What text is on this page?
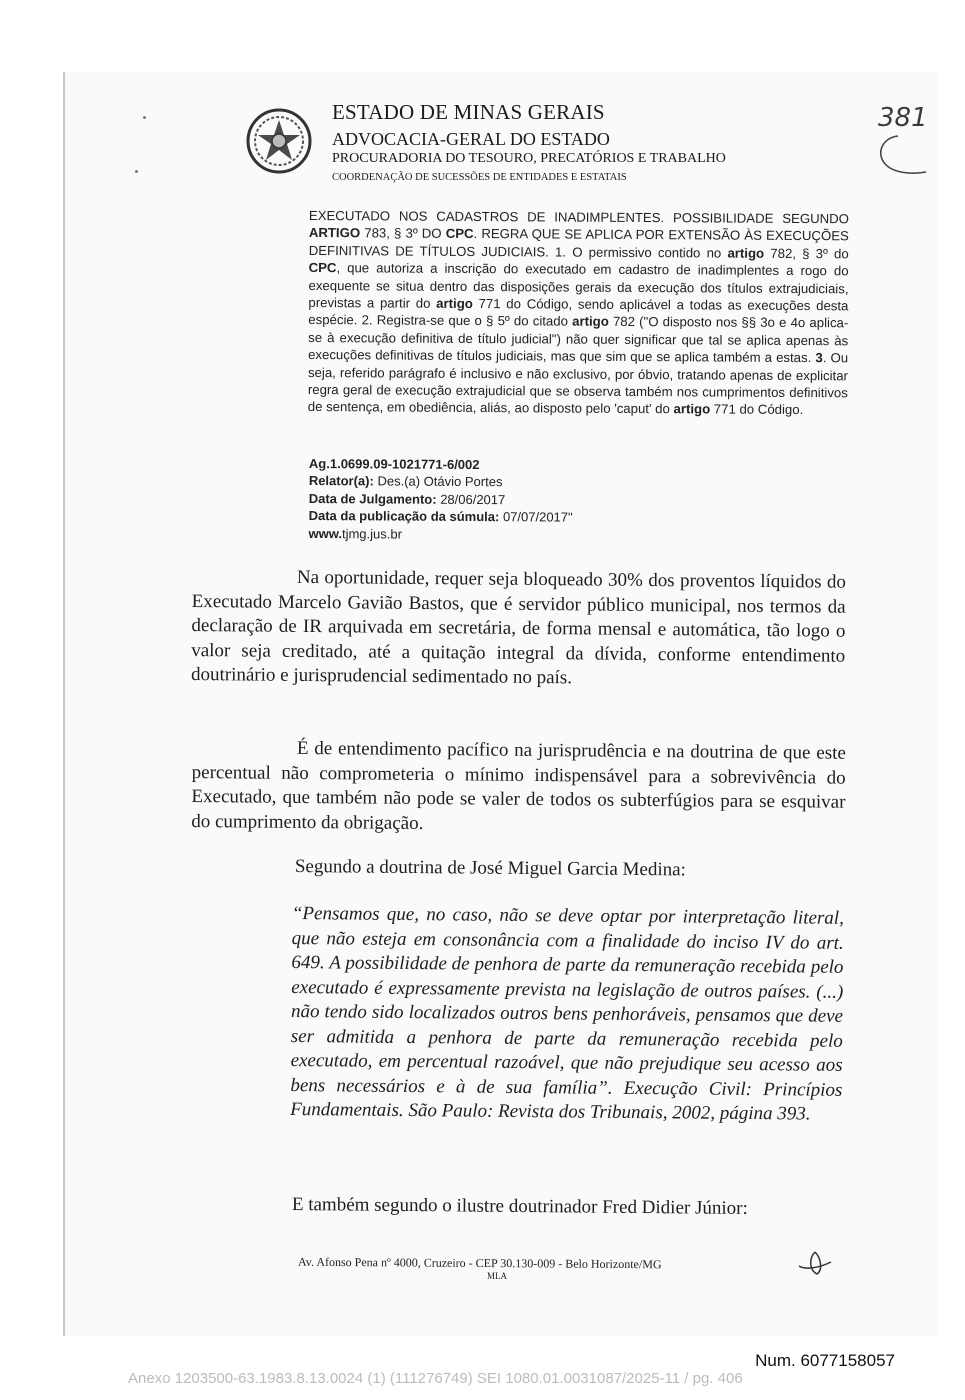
ESTADO DE MINAS GERAIS
ADVOCACIA-GERAL DO ESTADO
PROCURADORIA DO TESOURO, PRECATÓRIOS E TRABALHO
COORDENAÇÃO DE SUCESSÕES DE ENTIDADES E ESTATAIS
381

EXECUTADO NOS CADASTROS DE INADIMPLENTES. POSSIBILIDADE SEGUNDO ARTIGO 783, § 3º DO CPC. REGRA QUE SE APLICA POR EXTENSÃO ÀS EXECUÇÕES DEFINITIVAS DE TÍTULOS JUDICIAIS. 1. O permissivo contido no artigo 782, § 3º do CPC, que autoriza a inscrição do executado em cadastro de inadimplentes a rogo do exequente se situa dentro das disposições gerais da execução dos títulos extrajudiciais, previstas a partir do artigo 771 do Código, sendo aplicável a todas as execuções desta espécie. 2. Registra-se que o § 5º do citado artigo 782 ("O disposto nos §§ 3o e 4o aplica-se à execução definitiva de título judicial") não quer significar que tal se aplica apenas às execuções definitivas de títulos judiciais, mas que sim que se aplica também a estas. 3. Ou seja, referido parágrafo é inclusivo e não exclusivo, por óbvio, tratando apenas de explicitar regra geral de execução extrajudicial que se observa também nos cumprimentos definitivos de sentença, em obediência, aliás, ao disposto pelo 'caput' do artigo 771 do Código.

Ag.1.0699.09-1021771-6/002
Relator(a): Des.(a) Otávio Portes
Data de Julgamento: 28/06/2017
Data da publicação da súmula: 07/07/2017"
www.tjmg.jus.br

Na oportunidade, requer seja bloqueado 30% dos proventos líquidos do Executado Marcelo Gavião Bastos, que é servidor público municipal, nos termos da declaração de IR arquivada em secretária, de forma mensal e automática, tão logo o valor seja creditado, até a quitação integral da dívida, conforme entendimento doutrinário e jurisprudencial sedimentado no país.

É de entendimento pacífico na jurisprudência e na doutrina de que este percentual não comprometeria o mínimo indispensável para a sobrevivência do Executado, que também não pode se valer de todos os subterfúgios para se esquivar do cumprimento da obrigação.

Segundo a doutrina de José Miguel Garcia Medina:

“Pensamos que, no caso, não se deve optar por interpretação literal, que não esteja em consonância com a finalidade do inciso IV do art. 649. A possibilidade de penhora de parte da remuneração recebida pelo executado é expressamente prevista na legislação de outros países. (...) não tendo sido localizados outros bens penhoráveis, pensamos que deve ser admitida a penhora de parte da remuneração recebida pelo executado, em percentual razoável, que não prejudique seu acesso aos bens necessários e à de sua família”. Execução Civil: Princípios Fundamentais. São Paulo: Revista dos Tribunais, 2002, página 393.

E também segundo o ilustre doutrinador Fred Didier Júnior:

Av. Afonso Pena nº 4000, Cruzeiro - CEP 30.130-009 - Belo Horizonte/MG
MLA
Num. 6077158057
Anexo 1203500-63.1983.8.13.0024 (1) (111276749) SEI 1080.01.0031087/2025-11 / pg. 406
